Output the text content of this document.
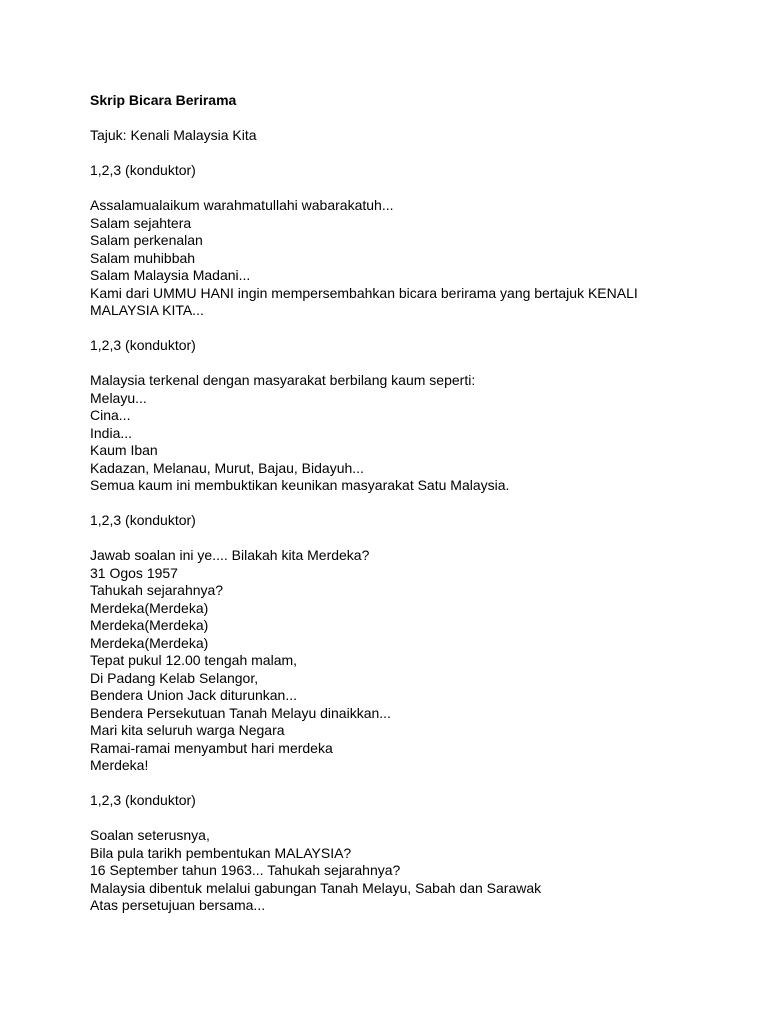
Skrip Bicara Berirama
Tajuk: Kenali Malaysia Kita
1,2,3 (konduktor)
Assalamualaikum warahmatullahi wabarakatuh...
Salam sejahtera
Salam perkenalan
Salam muhibbah
Salam Malaysia Madani...
Kami dari UMMU HANI ingin mempersembahkan bicara berirama yang bertajuk KENALI
MALAYSIA KITA...
1,2,3 (konduktor)
Malaysia terkenal dengan masyarakat berbilang kaum seperti:
Melayu...
Cina...
India...
Kaum Iban
Kadazan, Melanau, Murut, Bajau, Bidayuh...
Semua kaum ini membuktikan keunikan masyarakat Satu Malaysia.
1,2,3 (konduktor)
Jawab soalan ini ye.... Bilakah kita Merdeka?
31 Ogos 1957
Tahukah sejarahnya?
Merdeka(Merdeka)
Merdeka(Merdeka)
Merdeka(Merdeka)
Tepat pukul 12.00 tengah malam,
Di Padang Kelab Selangor,
Bendera Union Jack diturunkan...
Bendera Persekutuan Tanah Melayu dinaikkan...
Mari kita seluruh warga Negara
Ramai-ramai menyambut hari merdeka
Merdeka!
1,2,3 (konduktor)
Soalan seterusnya,
Bila pula tarikh pembentukan MALAYSIA?
16 September tahun 1963... Tahukah sejarahnya?
Malaysia dibentuk melalui gabungan Tanah Melayu, Sabah dan Sarawak
Atas persetujuan bersama...
